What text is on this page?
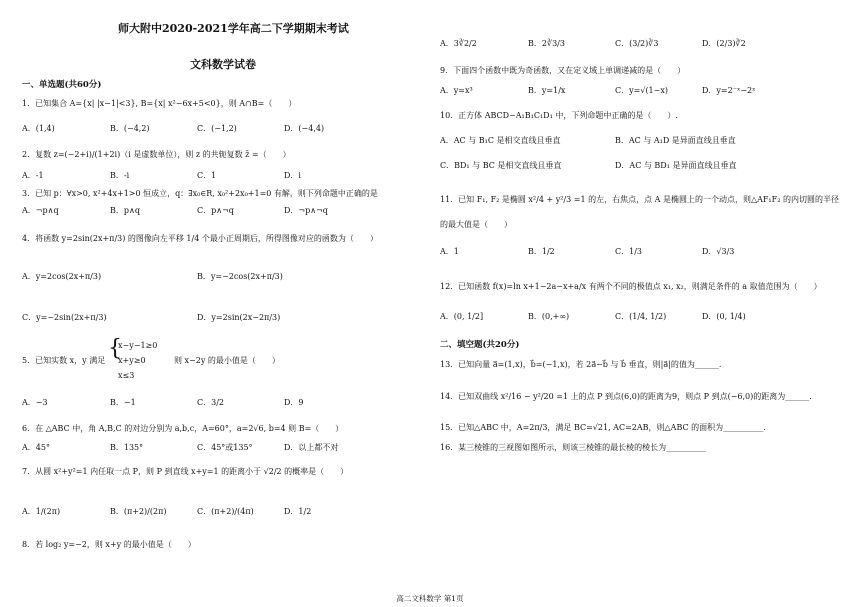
师大附中2020-2021学年高二下学期期末考试
文科数学试卷
一、单选题(共60分)
1．已知集合 A={x| |x−1|<3}, B={x| x²−6x+5<0}，则 A∩B=（　　）
A．(1,4)	B．(−4,2)	C．(−1,2)	D．(−4,4)
2．复数 z=(−2+i)/(1+2i)（i 是虚数单位），则 z 的共轭复数 z̄ =（　　）
A．-1	B．-i	C．1	D．i
3．已知 p：∀x>0, x²+4x+1>0 恒成立，q：∃x₀∈R, x₀²+2x₀+1=0 有解，则下列命题中正确的是
A．¬p∧q	B．p∧q	C．p∧¬q	D．¬p∧¬q
4．将函数 y=2sin(2x+π/3) 的图像向左平移 1/4 个最小正周期后，所得图像对应的函数为（　　）
A．y=2cos(2x+π/3)	B．y=−2cos(2x+π/3)
C．y=−2sin(2x+π/3)	D．y=2sin(2x−2π/3)
5．已知实数 x，y 满足 {
x−y−1≥0
x+y≥0
x≤3
则 x−2y 的最小值是（　　）
A．−3	B．−1	C．3/2	D．9
6．在 △ABC 中，角 A,B,C 的对边分别为 a,b,c，A=60°，a=2√6, b=4 则 B=（　　）
A．45°	B．135°	C．45°或135°	D．以上都不对
7．从圆 x²+y²=1 内任取一点 P，则 P 到直线 x+y=1 的距离小于 √2/2 的概率是（　　）
A．1/(2π)	B．(π+2)/(2π)	C．(π+2)/(4π)	D．1/2
8．若 log₂ y=−2，则 x+y 的最小值是（　　）
A．3∛2/2	B．2∛3/3	C．(3/2)∛3	D．(2/3)∛2
9．下面四个函数中既为奇函数，又在定义域上单调递减的是（　　）
A．y=x³	B．y=1/x	C．y=√(1−x)	D．y=2⁻ˣ−2ˣ
10．正方体 ABCD−A₁B₁C₁D₁ 中，下列命题中正确的是（　　）.
A．AC 与 B₁C 是相交直线且垂直	B．AC 与 A₁D 是异面直线且垂直
C．BD₁ 与 BC 是相交直线且垂直	D．AC 与 BD₁ 是异面直线且垂直
11．已知 F₁, F₂ 是椭圆 x²/4 + y²/3 =1 的左，右焦点，点 A 是椭圆上的一个动点，则△AF₁F₂ 的内切圆的半径
的最大值是（　　）
A．1	B．1/2	C．1/3	D．√3/3
12．已知函数 f(x)=ln x+1−2a−x+a/x 有两个不同的极值点 x₁, x₂，则满足条件的 a 取值范围为（　　）
A．(0, 1/2]	B．(0,+∞)	C．(1/4, 1/2)	D．(0, 1/4)
二、填空题(共20分)
13．已知向量 a⃗=(1,x)，b⃗=(−1,x)，若 2a⃗−b⃗ 与 b⃗ 垂直，则|a⃗|的值为______.
14．已知双曲线 x²/16 − y²/20 =1 上的点 P 到点(6,0)的距离为9，则点 P 到点(−6,0)的距离为______.
15．已知△ABC 中，A=2π/3，满足 BC=√21, AC=2AB，则△ABC 的面积为__________.
16．某三棱锥的三视图如图所示，则该三棱锥的最长棱的棱长为__________
高二文科数学 第1页
